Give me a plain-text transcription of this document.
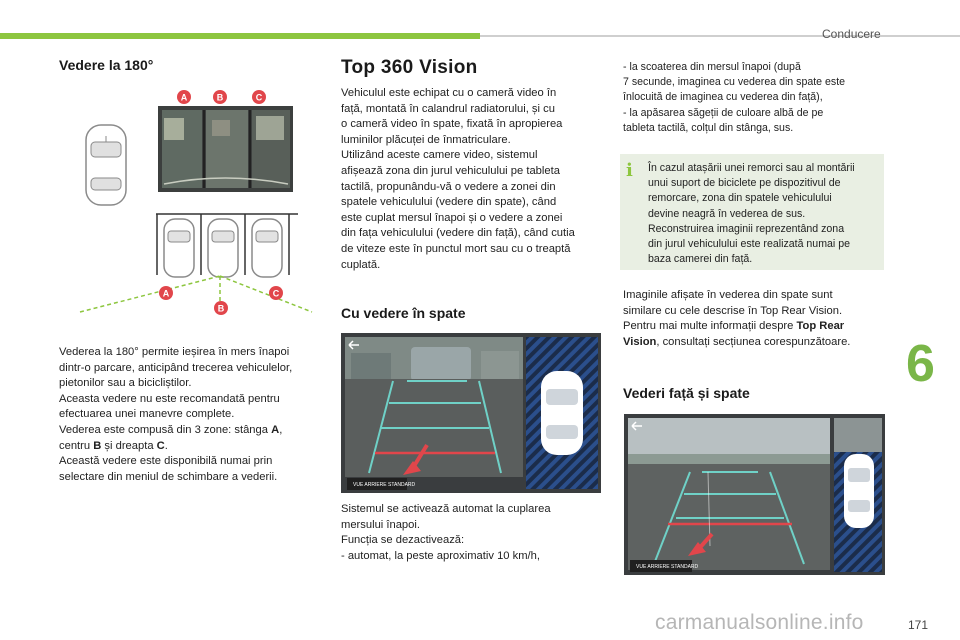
Conducere
6
Vedere la 180°
A	B	C
A
B
C
Vederea la 180° permite ieșirea în mers înapoi
dintr-o parcare, anticipând trecerea vehiculelor,
pietonilor sau a bicicliștilor.
Aceasta vedere nu este recomandată pentru
efectuarea unei manevre complete.
Vederea este compusă din 3 zone: stânga A,
centru B și dreapta C.
Această vedere este disponibilă numai prin
selectare din meniul de schimbare a vederii.
Top 360 Vision
Vehiculul este echipat cu o cameră video în
față, montată în calandrul radiatorului, și cu
o cameră video în spate, fixată în apropierea
luminilor plăcuței de înmatriculare.
Utilizând aceste camere video, sistemul
afișează zona din jurul vehiculului pe tableta
tactilă, propunându-vă o vedere a zonei din
spatele vehiculului (vedere din spate), când
este cuplat mersul înapoi și o vedere a zonei
din fața vehiculului (vedere din față), când cutia
de viteze este în punctul mort sau cu o treaptă
cuplată.
Cu vedere în spate
VUE ARRIERE STANDARD
Sistemul se activează automat la cuplarea
mersului înapoi.
Funcția se dezactivează:
- automat, la peste aproximativ 10 km/h,
- la scoaterea din mersul înapoi (după
7 secunde, imaginea cu vederea din spate este
înlocuită de imaginea cu vederea din față),
- la apăsarea săgeții de culoare albă de pe
tableta tactilă, colțul din stânga, sus.
i În cazul atașării unei remorci sau al montării
unui suport de biciclete pe dispozitivul de
remorcare, zona din spatele vehiculului
devine neagră în vederea de sus.
Reconstruirea imaginii reprezentând zona
din jurul vehiculului este realizată numai pe
baza camerei din față.
Imaginile afișate în vederea din spate sunt
similare cu cele descrise în Top Rear Vision.
Pentru mai multe informații despre Top Rear
Vision, consultați secțiunea corespunzătoare.
Vederi față și spate
VUE ARRIERE STANDARD
carmanualsonline.info	171
